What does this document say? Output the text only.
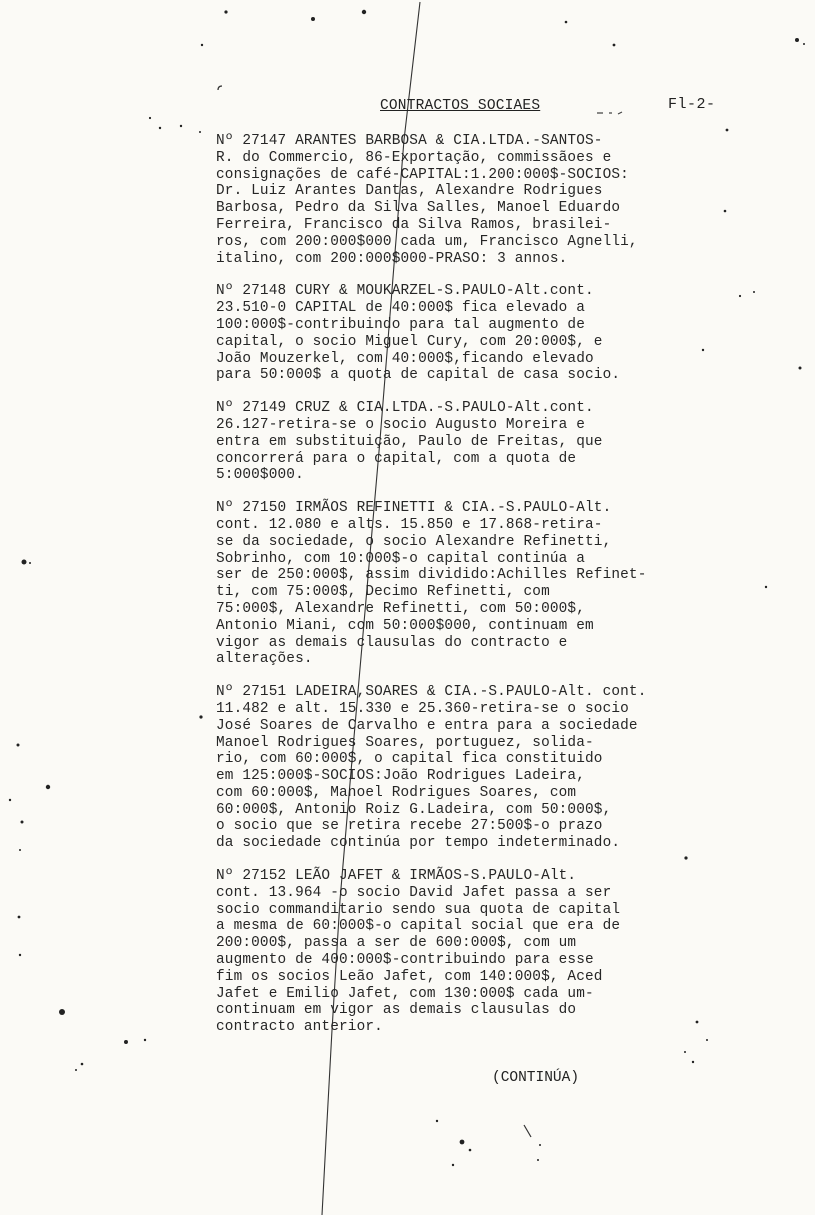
CONTRACTOS SOCIAES	Fl-2-
Nº 27147 ARANTES BARBOSA & CIA.LTDA.-SANTOS-
R. do Commercio, 86-Exportação, commissãoes e
consignações de café-CAPITAL:1.200:000$-SOCIOS:
Dr. Luiz Arantes Dantas, Alexandre Rodrigues
Barbosa, Pedro da Silva Salles, Manoel Eduardo
Ferreira, Francisco da Silva Ramos, brasilei-
ros, com 200:000$000 cada um, Francisco Agnelli,
italino, com 200:000$000-PRASO: 3 annos.
Nº 27148 CURY & MOUKARZEL-S.PAULO-Alt.cont.
23.510-0 CAPITAL de 40:000$ fica elevado a
100:000$-contribuindo para tal augmento de
capital, o socio Miguel Cury, com 20:000$, e
João Mouzerkel, com 40:000$,ficando elevado
para 50:000$ a quota de capital de casa socio.
Nº 27149 CRUZ & CIA.LTDA.-S.PAULO-Alt.cont.
26.127-retira-se o socio Augusto Moreira e
entra em substituição, Paulo de Freitas, que
concorrerá para o capital, com a quota de
5:000$000.
Nº 27150 IRMÃOS REFINETTI & CIA.-S.PAULO-Alt.
cont. 12.080 e alts. 15.850 e 17.868-retira-
se da sociedade, o socio Alexandre Refinetti,
Sobrinho, com 10:000$-o capital continúa a
ser de 250:000$, assim dividido:Achilles Refinet-
ti, com 75:000$, Decimo Refinetti, com
75:000$, Alexandre Refinetti, com 50:000$,
Antonio Miani, com 50:000$000, continuam em
vigor as demais clausulas do contracto e
alterações.
Nº 27151 LADEIRA,SOARES & CIA.-S.PAULO-Alt. cont.
11.482 e alt. 15.330 e 25.360-retira-se o socio
José Soares de Carvalho e entra para a sociedade
Manoel Rodrigues Soares, portuguez, solida-
rio, com 60:000$, o capital fica constituido
em 125:000$-SOCIOS:João Rodrigues Ladeira,
com 60:000$, Manoel Rodrigues Soares, com
60:000$, Antonio Roiz G.Ladeira, com 50:000$,
o socio que se retira recebe 27:500$-o prazo
da sociedade continúa por tempo indeterminado.
Nº 27152 LEÃO JAFET & IRMÃOS-S.PAULO-Alt.
cont. 13.964 -o socio David Jafet passa a ser
socio commanditario sendo sua quota de capital
a mesma de 60:000$-o capital social que era de
200:000$, passa a ser de 600:000$, com um
augmento de 400:000$-contribuindo para esse
fim os socios Leão Jafet, com 140:000$, Aced
Jafet e Emilio Jafet, com 130:000$ cada um-
continuam em vigor as demais clausulas do
contracto anterior.
(CONTINÚA)
